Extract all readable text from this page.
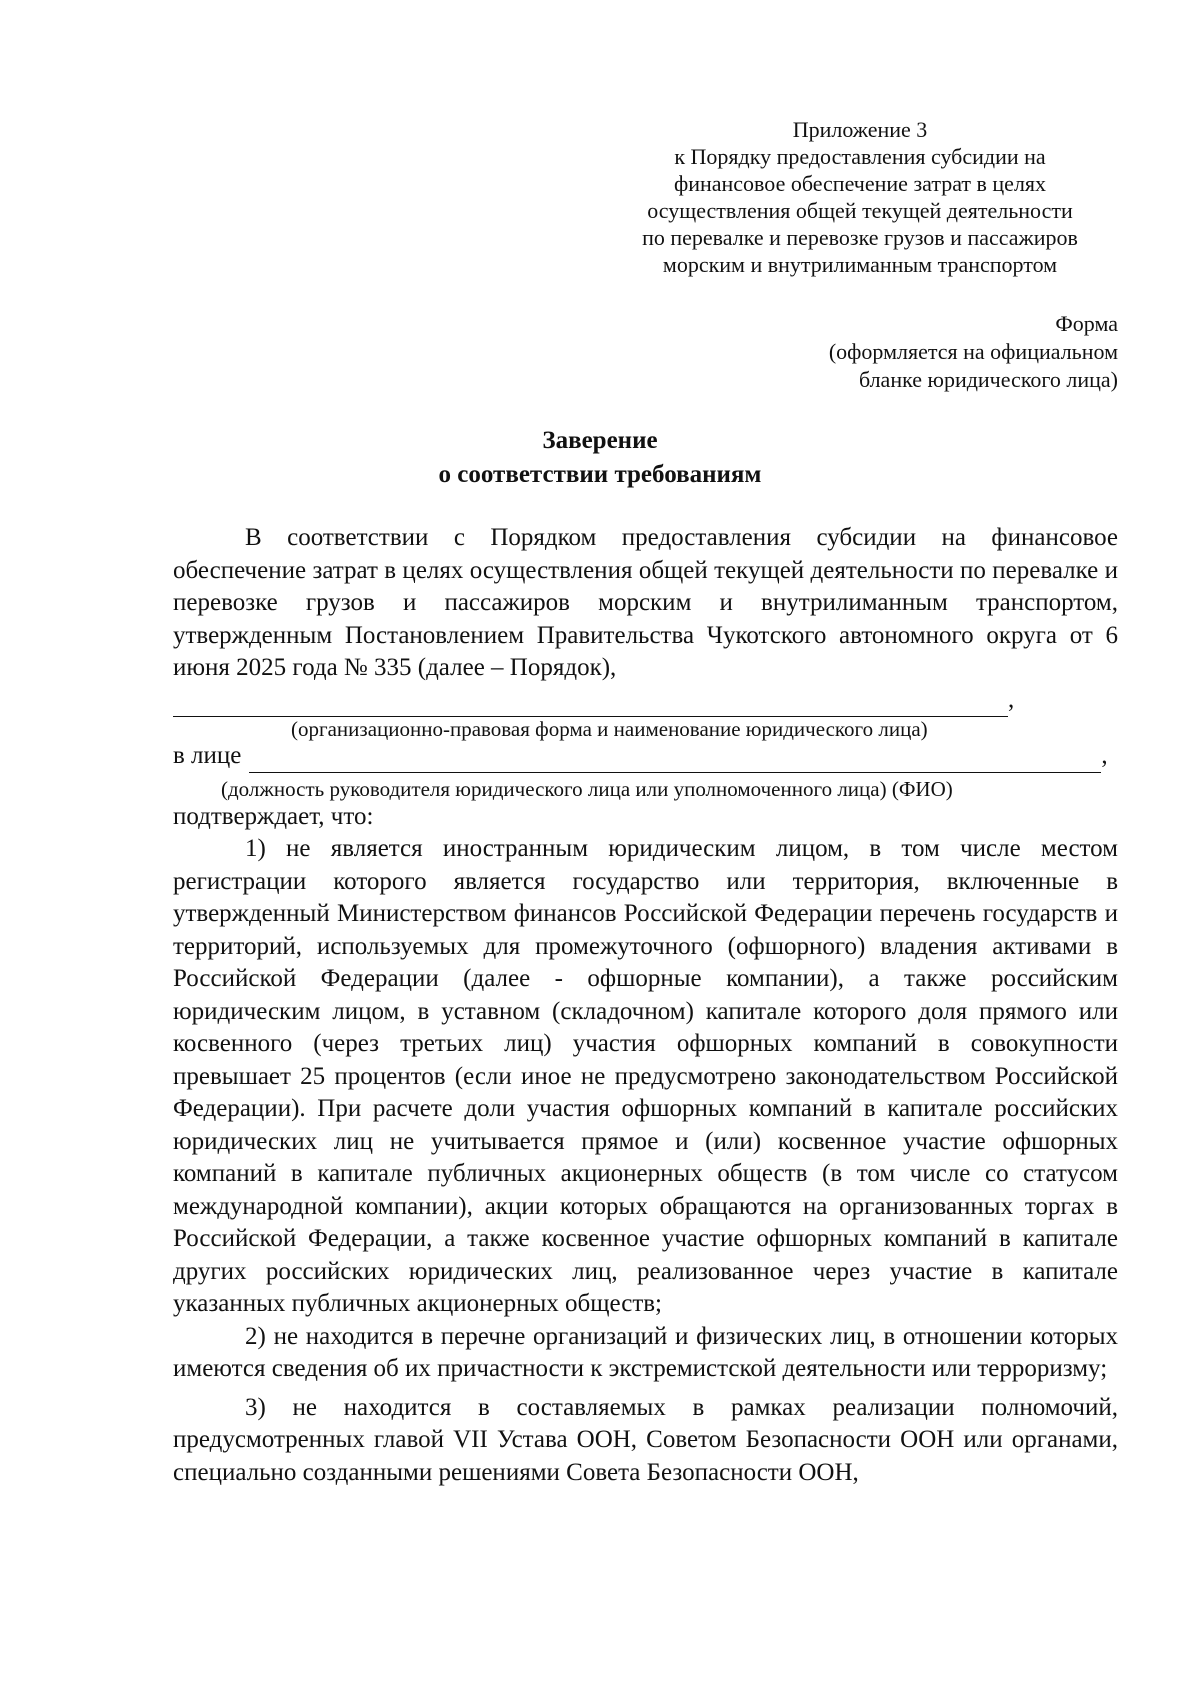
Приложение 3
к Порядку предоставления субсидии на
финансовое обеспечение затрат в целях
осуществления общей текущей деятельности
по перевалке и перевозке грузов и пассажиров
морским и внутрилиманным транспортом
Форма
(оформляется на официальном
бланке юридического лица)
Заверение
о соответствии требованиям

В соответствии с Порядком предоставления субсидии на финансовое обеспечение затрат в целях осуществления общей текущей деятельности по перевалке и перевозке грузов и пассажиров морским и внутрилиманным транспортом, утвержденным Постановлением Правительства Чукотского автономного округа от 6 июня 2025 года № 335 (далее – Порядок),

,
(организационно-правовая форма и наименование юридического лица)
в лице	,
(должность руководителя юридического лица или уполномоченного лица) (ФИО)

подтверждает, что:

1) не является иностранным юридическим лицом, в том числе местом регистрации которого является государство или территория, включенные в утвержденный Министерством финансов Российской Федерации перечень государств и территорий, используемых для промежуточного (офшорного) владения активами в Российской Федерации (далее - офшорные компании), а также российским юридическим лицом, в уставном (складочном) капитале которого доля прямого или косвенного (через третьих лиц) участия офшорных компаний в совокупности превышает 25 процентов (если иное не предусмотрено законодательством Российской Федерации). При расчете доли участия офшорных компаний в капитале российских юридических лиц не учитывается прямое и (или) косвенное участие офшорных компаний в капитале публичных акционерных обществ (в том числе со статусом международной компании), акции которых обращаются на организованных торгах в Российской Федерации, а также косвенное участие офшорных компаний в капитале других российских юридических лиц, реализованное через участие в капитале указанных публичных акционерных обществ;

2) не находится в перечне организаций и физических лиц, в отношении которых имеются сведения об их причастности к экстремистской деятельности или терроризму;

3) не находится в составляемых в рамках реализации полномочий, предусмотренных главой VII Устава ООН, Советом Безопасности ООН или органами, специально созданными решениями Совета Безопасности ООН,
